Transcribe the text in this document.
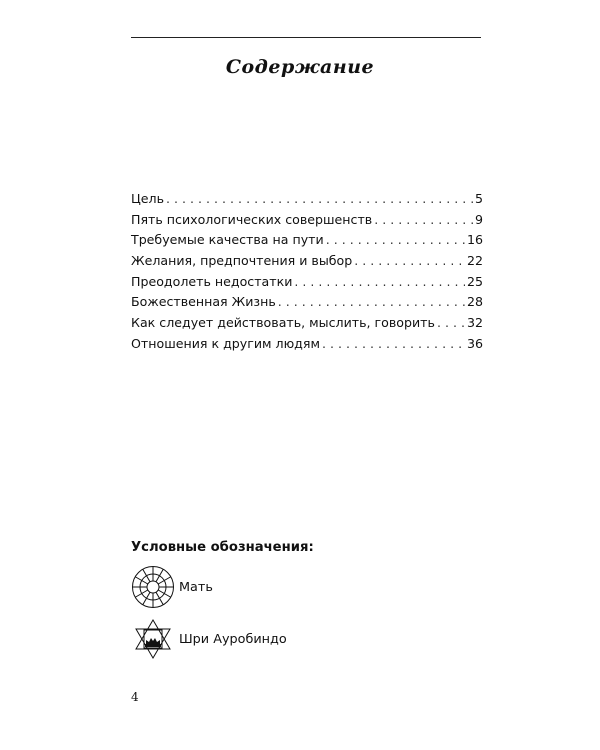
Содержание
Цель . . .	5
Пять психологических совершенств . . .	9
Требуемые качества на пути . . .	16
Желания, предпочтения и выбор . . .	22
Преодолеть недостатки . . .	25
Божественная Жизнь . . .	28
Как следует действовать, мыслить, говорить . . .	32
Отношения к другим людям . . .	36
Условные обозначения:
Мать
Шри Ауробиндо
4
